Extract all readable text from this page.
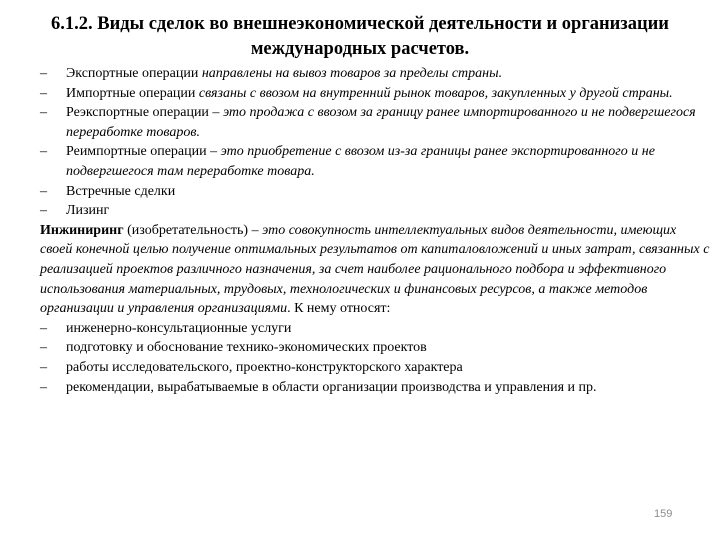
6.1.2. Виды сделок во внешнеэкономической деятельности и организации
международных расчетов.
– Экспортные операции направлены на вывоз товаров за пределы страны.
– Импортные операции связаны с ввозом на внутренний рынок товаров, закупленных у другой страны.
– Реэкспортные операции – это продажа с ввозом за границу ранее импортированного и не подвергшегося переработке товаров.
– Реимпортные операции – это приобретение с ввозом из-за границы ранее экспортированного и не подвергшегося там переработке товара.
– Встречные сделки
– Лизинг

Инжиниринг (изобретательность) – это совокупность интеллектуальных видов деятельности, имеющих своей конечной целью получение оптимальных результатов от капиталовложений и иных затрат, связанных с реализацией проектов различного назначения, за счет наиболее рационального подбора и эффективного использования материальных, трудовых, технологических и финансовых ресурсов, а также методов организации и управления организациями. К нему относят:

– инженерно-консультационные услуги
– подготовку и обоснование технико-экономических проектов
– работы исследовательского, проектно-конструкторского характера
– рекомендации, вырабатываемые в области организации производства и управления и пр.
159
